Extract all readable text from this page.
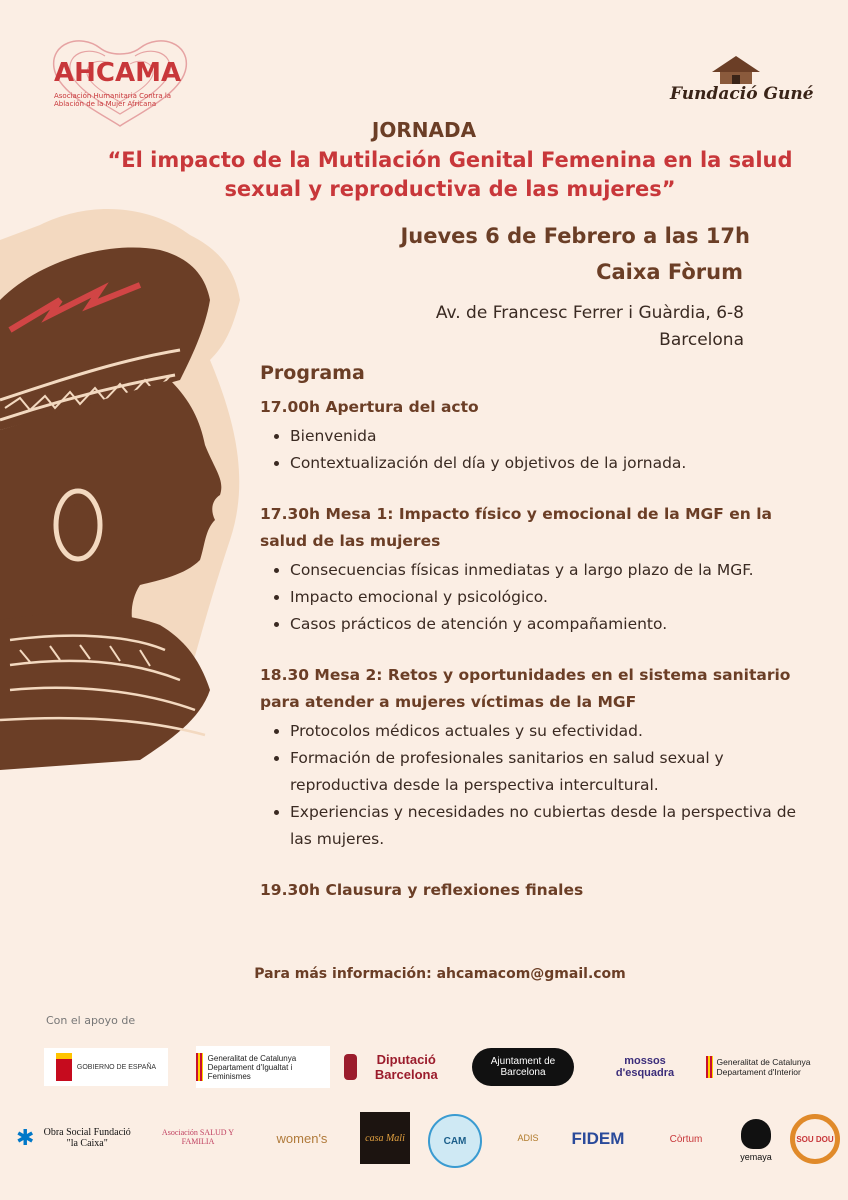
AHCAMA
Asociación Humanitaria Contra la Ablación de la Mujer Africana	Fundació Guné
JORNADA
“El impacto de la Mutilación Genital Femenina en la salud sexual y reproductiva de las mujeres”
Jueves 6 de Febrero a las 17h
Caixa Fòrum
Av. de Francesc Ferrer i Guàrdia, 6-8
Barcelona
Programa

17.00h Apertura del acto

• Bienvenida
• Contextualización del día y objetivos de la jornada.

17.30h Mesa 1: Impacto físico y emocional de la MGF en la salud de las mujeres

• Consecuencias físicas inmediatas y a largo plazo de la MGF.
• Impacto emocional y psicológico.
• Casos prácticos de atención y acompañamiento.

18.30 Mesa 2: Retos y oportunidades en el sistema sanitario para atender a mujeres víctimas de la MGF

• Protocolos médicos actuales y su efectividad.
• Formación de profesionales sanitarios en salud sexual y reproductiva desde la perspectiva intercultural.
• Experiencias y necesidades no cubiertas desde la perspectiva de las mujeres.

19.30h Clausura y reflexiones finales

Para más información: ahcamacom@gmail.com
Con el apoyo de
GOBIERNO DE ESPAÑA
Generalitat de Catalunya Departament d'Igualtat i Feminismes
Diputació Barcelona
Ajuntament de Barcelona
mossos d'esquadra
Generalitat de Catalunya Departament d'Interior
✱ Obra Social Fundació "la Caixa"
Asociación SALUD Y FAMILIA	women's	casa Mali	CAM	ADIS FIDEM	Còrtum
yemaya
SOU DOU
